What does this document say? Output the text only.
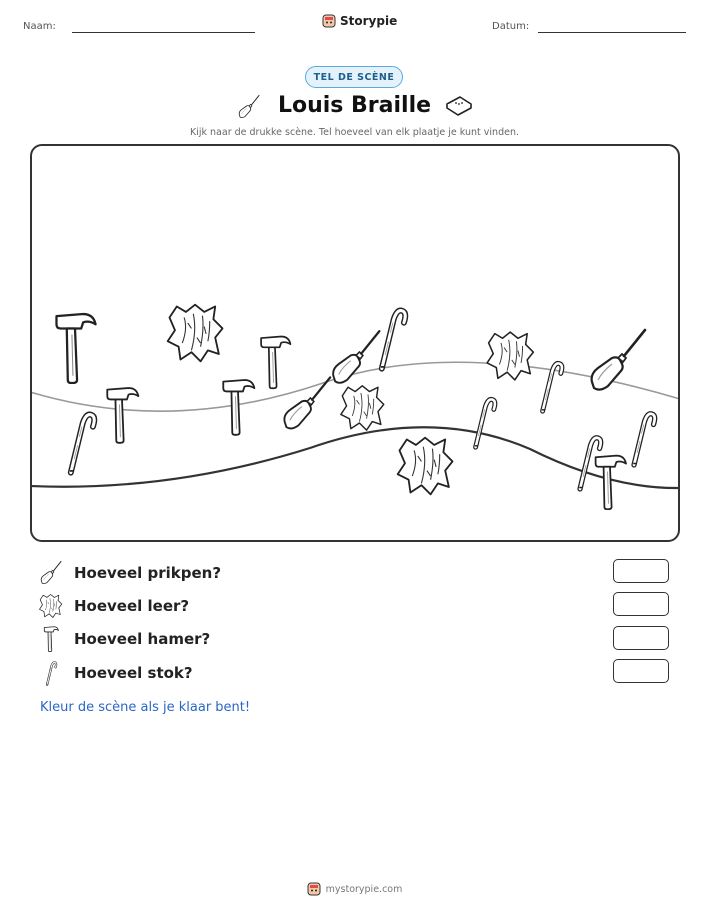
Naam:	Storypie	Datum:
TEL DE SCÈNE
Louis Braille
Kijk naar de drukke scène. Tel hoeveel van elk plaatje je kunt vinden.
Hoeveel prikpen?
Hoeveel leer?
Hoeveel hamer?
Hoeveel stok?
Kleur de scène als je klaar bent!
mystorypie.com
